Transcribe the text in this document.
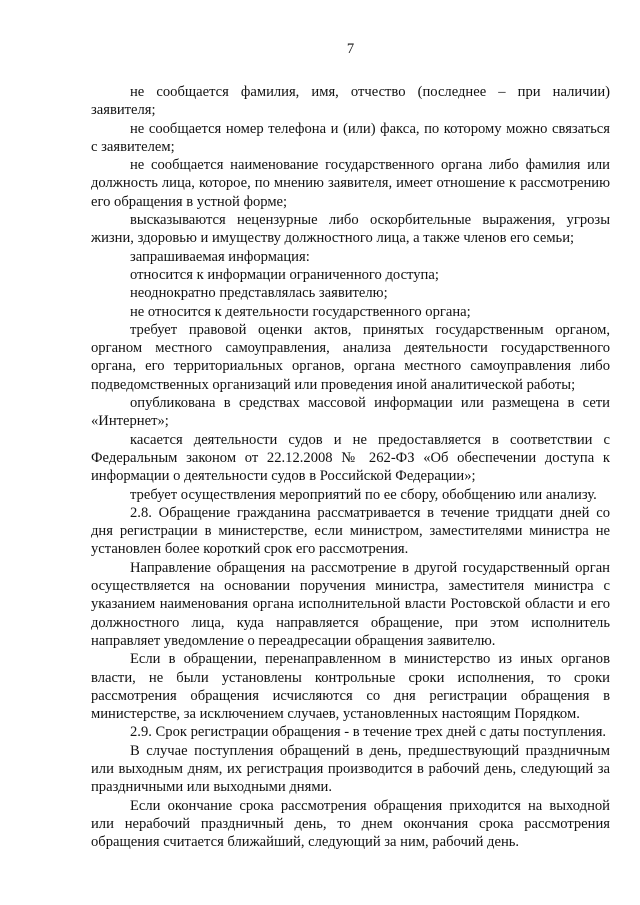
7

не сообщается фамилия, имя, отчество (последнее – при наличии) заявителя;

не сообщается номер телефона и (или) факса, по которому можно связаться с заявителем;

не сообщается наименование государственного органа либо фамилия или должность лица, которое, по мнению заявителя, имеет отношение к рассмотрению его обращения в устной форме;

высказываются нецензурные либо оскорбительные выражения, угрозы жизни, здоровью и имуществу должностного лица, а также членов его семьи;

запрашиваемая информация:

относится к информации ограниченного доступа;

неоднократно представлялась заявителю;

не относится к деятельности государственного органа;

требует правовой оценки актов, принятых государственным органом, органом местного самоуправления, анализа деятельности государственного органа, его территориальных органов, органа местного самоуправления либо подведомственных организаций или проведения иной аналитической работы;

опубликована в средствах массовой информации или размещена в сети «Интернет»;

касается деятельности судов и не предоставляется в соответствии с Федеральным законом от 22.12.2008 № 262-ФЗ «Об обеспечении доступа к информации о деятельности судов в Российской Федерации»;

требует осуществления мероприятий по ее сбору, обобщению или анализу.

2.8. Обращение гражданина рассматривается в течение тридцати дней со дня регистрации в министерстве, если министром, заместителями министра не установлен более короткий срок его рассмотрения.

Направление обращения на рассмотрение в другой государственный орган осуществляется на основании поручения министра, заместителя министра с указанием наименования органа исполнительной власти Ростовской области и его должностного лица, куда направляется обращение, при этом исполнитель направляет уведомление о переадресации обращения заявителю.

Если в обращении, перенаправленном в министерство из иных органов власти, не были установлены контрольные сроки исполнения, то сроки рассмотрения обращения исчисляются со дня регистрации обращения в министерстве, за исключением случаев, установленных настоящим Порядком.

2.9. Срок регистрации обращения - в течение трех дней с даты поступления.

В случае поступления обращений в день, предшествующий праздничным или выходным дням, их регистрация производится в рабочий день, следующий за праздничными или выходными днями.

Если окончание срока рассмотрения обращения приходится на выходной или нерабочий праздничный день, то днем окончания срока рассмотрения обращения считается ближайший, следующий за ним, рабочий день.
